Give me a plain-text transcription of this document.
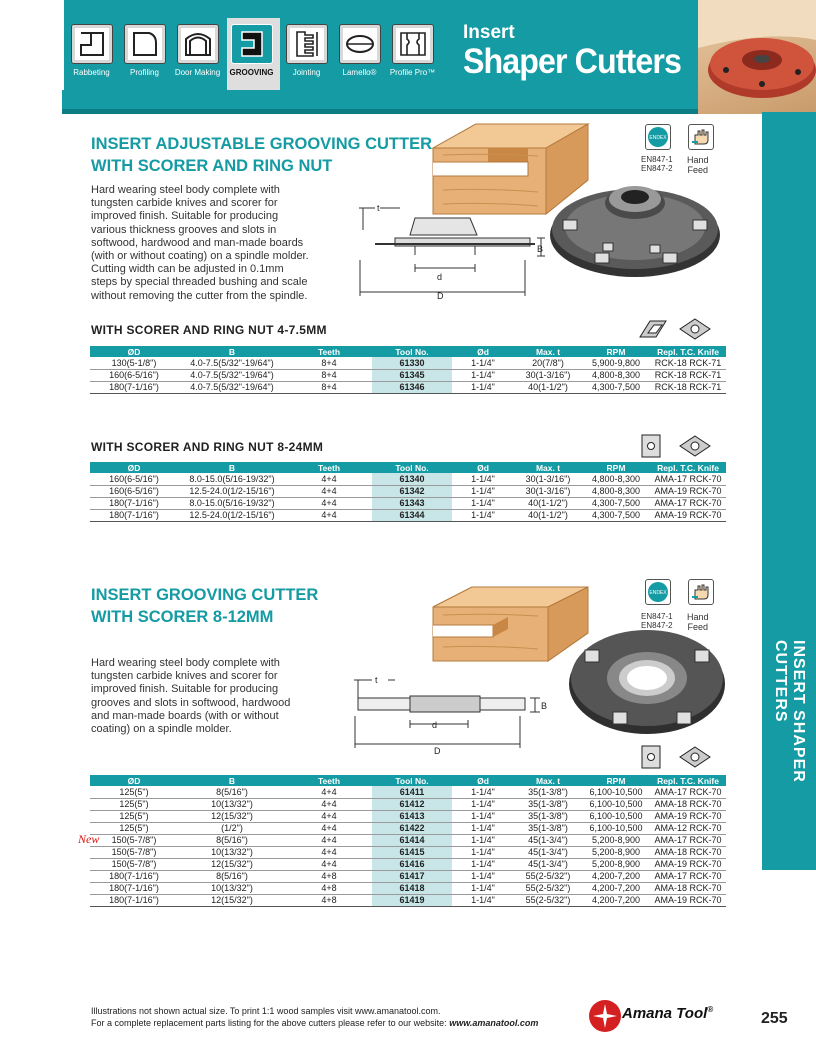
Rabbeting	Profiling	Door Making	GROOVING	Jointing	Lamello®	Profile Pro™
Insert
Shaper Cutters
INSERT SHAPER CUTTERS
INSERT ADJUSTABLE GROOVING CUTTER
WITH SCORER AND RING NUT
Hard wearing steel body complete with
tungsten carbide knives and scorer for
improved finish. Suitable for producing
various thickness grooves and slots in
softwood, hardwood and man-made boards
(with or without coating) on a spindle molder.
Cutting width can be adjusted in 0.1mm
steps by special threaded bushing and scale
without removing the cutter from the spindle.
ENDEX
EN847-1
EN847-2
Hand
Feed
t
B
d
D
WITH SCORER AND RING NUT 4-7.5MM
ØD	B	Teeth	Tool No.	Ød	Max. t	RPM	Repl. T.C. Knife
130(5-1/8")	4.0-7.5(5/32"-19/64")	8+4	61330	1-1/4"	20(7/8")	5,900-9,800	RCK-18 RCK-71
160(6-5/16")	4.0-7.5(5/32"-19/64")	8+4	61345	1-1/4"	30(1-3/16")	4,800-8,300	RCK-18 RCK-71
180(7-1/16")	4.0-7.5(5/32"-19/64")	8+4	61346	1-1/4"	40(1-1/2")	4,300-7,500	RCK-18 RCK-71
WITH SCORER AND RING NUT 8-24MM
ØD	B	Teeth	Tool No.	Ød	Max. t	RPM	Repl. T.C. Knife
160(6-5/16")	8.0-15.0(5/16-19/32")	4+4	61340	1-1/4"	30(1-3/16")	4,800-8,300	AMA-17 RCK-70
160(6-5/16")	12.5-24.0(1/2-15/16")	4+4	61342	1-1/4"	30(1-3/16")	4,800-8,300	AMA-19 RCK-70
180(7-1/16")	8.0-15.0(5/16-19/32")	4+4	61343	1-1/4"	40(1-1/2")	4,300-7,500	AMA-17 RCK-70
180(7-1/16")	12.5-24.0(1/2-15/16")	4+4	61344	1-1/4"	40(1-1/2")	4,300-7,500	AMA-19 RCK-70
INSERT GROOVING CUTTER
WITH SCORER 8-12MM
Hard wearing steel body complete with
tungsten carbide knives and scorer for
improved finish. Suitable for producing
grooves and slots in softwood, hardwood
and man-made boards (with or without
coating) on a spindle molder.
ENDEX
EN847-1
EN847-2
Hand
Feed
t
B
d
D
ØD	B	Teeth	Tool No.	Ød	Max. t	RPM	Repl. T.C. Knife
125(5")	8(5/16")	4+4	61411	1-1/4"	35(1-3/8")	6,100-10,500	AMA-17 RCK-70
125(5")	10(13/32")	4+4	61412	1-1/4"	35(1-3/8")	6,100-10,500	AMA-18 RCK-70
125(5")	12(15/32")	4+4	61413	1-1/4"	35(1-3/8")	6,100-10,500	AMA-19 RCK-70
125(5")	(1/2")	4+4	61422	1-1/4"	35(1-3/8")	6,100-10,500	AMA-12 RCK-70
150(5-7/8")	8(5/16")	4+4	61414	1-1/4"	45(1-3/4")	5,200-8,900	AMA-17 RCK-70
150(5-7/8")	10(13/32")	4+4	61415	1-1/4"	45(1-3/4")	5,200-8,900	AMA-18 RCK-70
150(5-7/8")	12(15/32")	4+4	61416	1-1/4"	45(1-3/4")	5,200-8,900	AMA-19 RCK-70
180(7-1/16")	8(5/16")	4+8	61417	1-1/4"	55(2-5/32")	4,200-7,200	AMA-17 RCK-70
180(7-1/16")	10(13/32")	4+8	61418	1-1/4"	55(2-5/32")	4,200-7,200	AMA-18 RCK-70
180(7-1/16")	12(15/32")	4+8	61419	1-1/4"	55(2-5/32")	4,200-7,200	AMA-19 RCK-70
New
Illustrations not shown actual size. To print 1:1 wood samples visit www.amanatool.com.
For a complete replacement parts listing for the above cutters please refer to our website: www.amanatool.com
Amana Tool®
255
